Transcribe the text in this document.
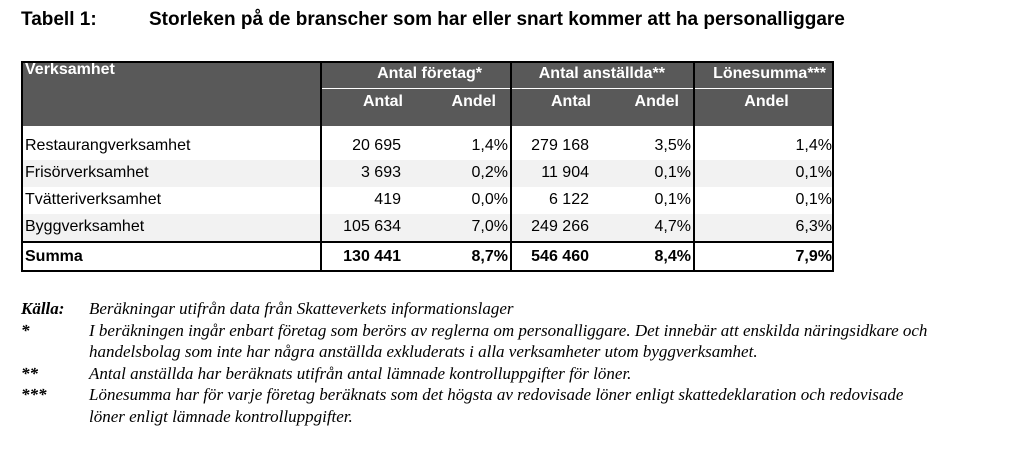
Tabell 1:	Storleken på de branscher som har eller snart kommer att ha personalliggare
Verksamhet	Antal företag*		Antal anställda**		Lönesumma***
	Antal	Andel	Antal	Andel	Andel
Restaurangverksamhet	20 695	1,4%	279 168	3,5%	1,4%
Frisörverksamhet	3 693	0,2%	11 904	0,1%	0,1%
Tvätteriverksamhet	419	0,0%	6 122	0,1%	0,1%
Byggverksamhet	105 634	7,0%	249 266	4,7%	6,3%
Summa	130 441	8,7%	546 460	8,4%	7,9%
Källa:	Beräkningar utifrån data från Skatteverkets informationslager
*	I beräkningen ingår enbart företag som berörs av reglerna om personalliggare. Det innebär att enskilda näringsidkare och
handelsbolag som inte har några anställda exkluderats i alla verksamheter utom byggverksamhet.
**	Antal anställda har beräknats utifrån antal lämnade kontrolluppgifter för löner.
***	Lönesumma har för varje företag beräknats som det högsta av redovisade löner enligt skattedeklaration och redovisade
löner enligt lämnade kontrolluppgifter.
